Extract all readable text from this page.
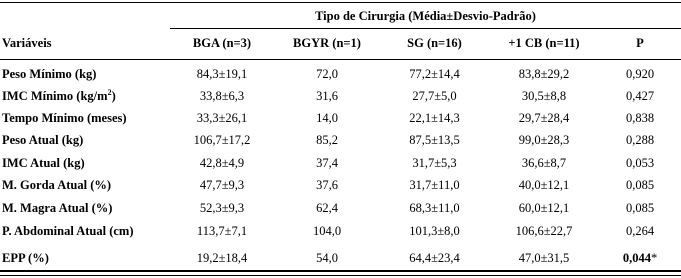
Tipo de Cirurgia (Média±Desvio-Padrão)
Variáveis	BGA (n=3)	BGYR (n=1)	SG (n=16)	+1 CB (n=11)	P
Peso Mínimo (kg)	84,3±19,1	72,0	77,2±14,4	83,8±29,2	0,920
IMC Mínimo $(kg/m^2)$	33,8±6,3	31,6	27,7±5,0	30,5±8,8	0,427
Tempo Mínimo (meses)	33,3±26,1	14,0	22,1±14,3	29,7±28,4	0,838
Peso Atual (kg)	106,7±17,2	85,2	87,5±13,5	99,0±28,3	0,288
IMC Atual (kg)	42,8±4,9	37,4	31,7±5,3	36,6±8,7	0,053
M. Gorda Atual (%)	47,7±9,3	37,6	31,7±11,0	40,0±12,1	0,085
M. Magra Atual (%)	52,3±9,3	62,4	68,3±11,0	60,0±12,1	0,085
P. Abdominal Atual (cm)	113,7±7,1	104,0	101,3±8,0	106,6±22,7	0,264
EPP (%)	19,2±18,4	54,0	64,4±23,4	47,0±31,5	0,044*
